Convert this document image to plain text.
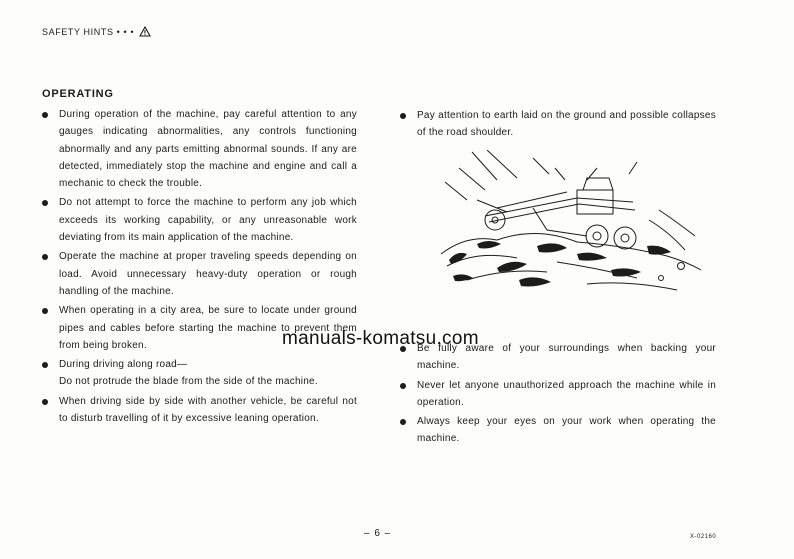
SAFETY HINTS • • •
OPERATING
During operation of the machine, pay careful attention to any gauges indicating abnormalities, any controls functioning abnormally and any parts emitting abnormal sounds. If any are detected, immediately stop the machine and engine and call a mechanic to check the trouble.
Do not attempt to force the machine to perform any job which exceeds its working capability, or any unreasonable work deviating from its main application of the machine.
Operate the machine at proper traveling speeds depending on load. Avoid unnecessary heavy-duty operation or rough handling of the machine.
When operating in a city area, be sure to locate under ground pipes and cables before starting the machine to prevent them from being broken.
During driving along road—
Do not protrude the blade from the side of the machine.
When driving side by side with another vehicle, be careful not to disturb travelling of it by excessive leaning operation.
Pay attention to earth laid on the ground and possible collapses of the road shoulder.
Be fully aware of your surroundings when backing your machine.
Never let anyone unauthorized approach the machine while in operation.
Always keep your eyes on your work when operating the machine.
manuals-komatsu.com
– 6 –	X-02160
